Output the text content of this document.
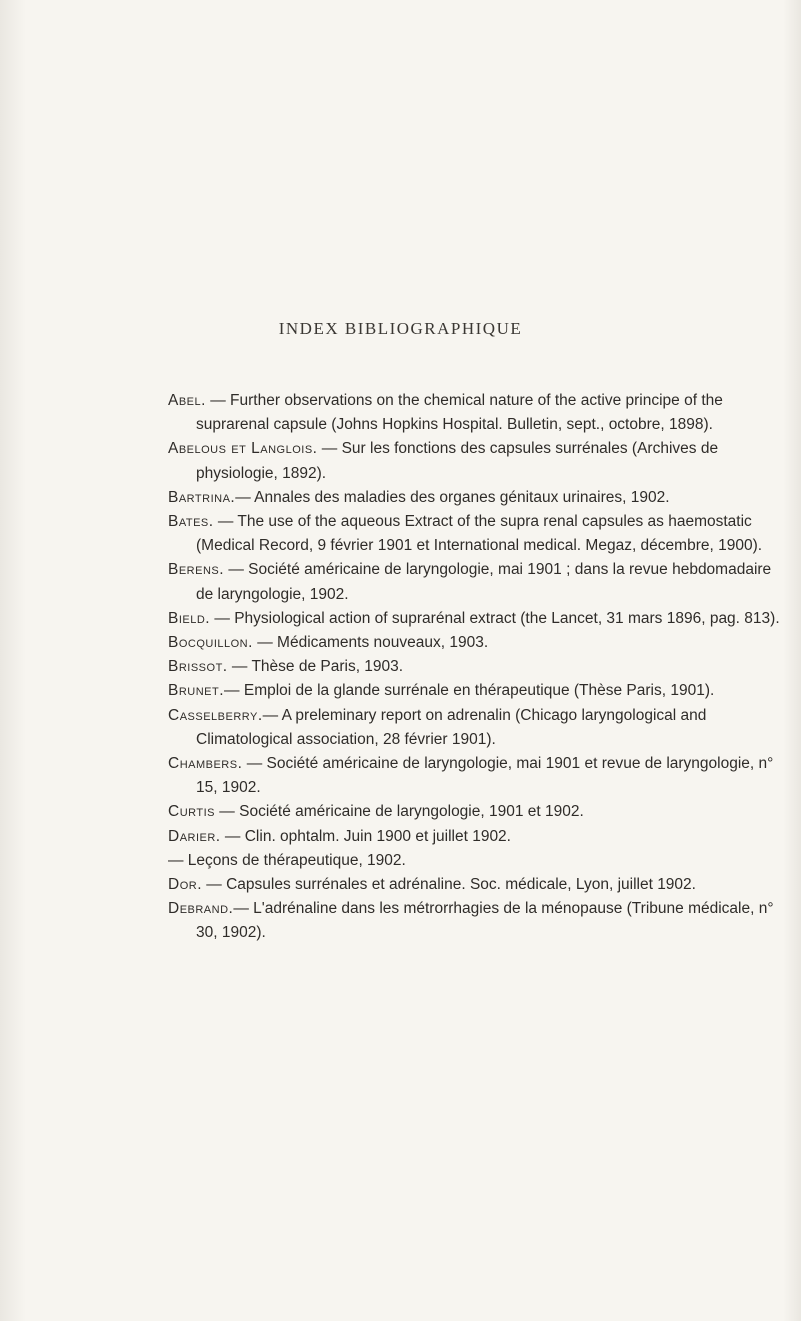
INDEX BIBLIOGRAPHIQUE

Abel. — Further observations on the chemical nature of the active principe of the suprarenal capsule (Johns Hopkins Hospital. Bulletin, sept., octobre, 1898).

Abelous et Langlois. — Sur les fonctions des capsules surrénales (Archives de physiologie, 1892).

Bartrina.— Annales des maladies des organes génitaux urinaires, 1902.

Bates. — The use of the aqueous Extract of the supra renal capsules as haemostatic (Medical Record, 9 février 1901 et International medical. Megaz, décembre, 1900).

Berens. — Société américaine de laryngologie, mai 1901 ; dans la revue hebdomadaire de laryngologie, 1902.

Bield. — Physiological action of suprarénal extract (the Lancet, 31 mars 1896, pag. 813).

Bocquillon. — Médicaments nouveaux, 1903.

Brissot. — Thèse de Paris, 1903.

Brunet.— Emploi de la glande surrénale en thérapeutique (Thèse Paris, 1901).

Casselberry.— A preleminary report on adrenalin (Chicago laryngological and Climatological association, 28 février 1901).

Chambers. — Société américaine de laryngologie, mai 1901 et revue de laryngologie, n° 15, 1902.

Curtis — Société américaine de laryngologie, 1901 et 1902.

Darier. — Clin. ophtalm. Juin 1900 et juillet 1902.

— Leçons de thérapeutique, 1902.

Dor. — Capsules surrénales et adrénaline. Soc. médicale, Lyon, juillet 1902.

Debrand.— L'adrénaline dans les métrorrhagies de la ménopause (Tribune médicale, n° 30, 1902).
